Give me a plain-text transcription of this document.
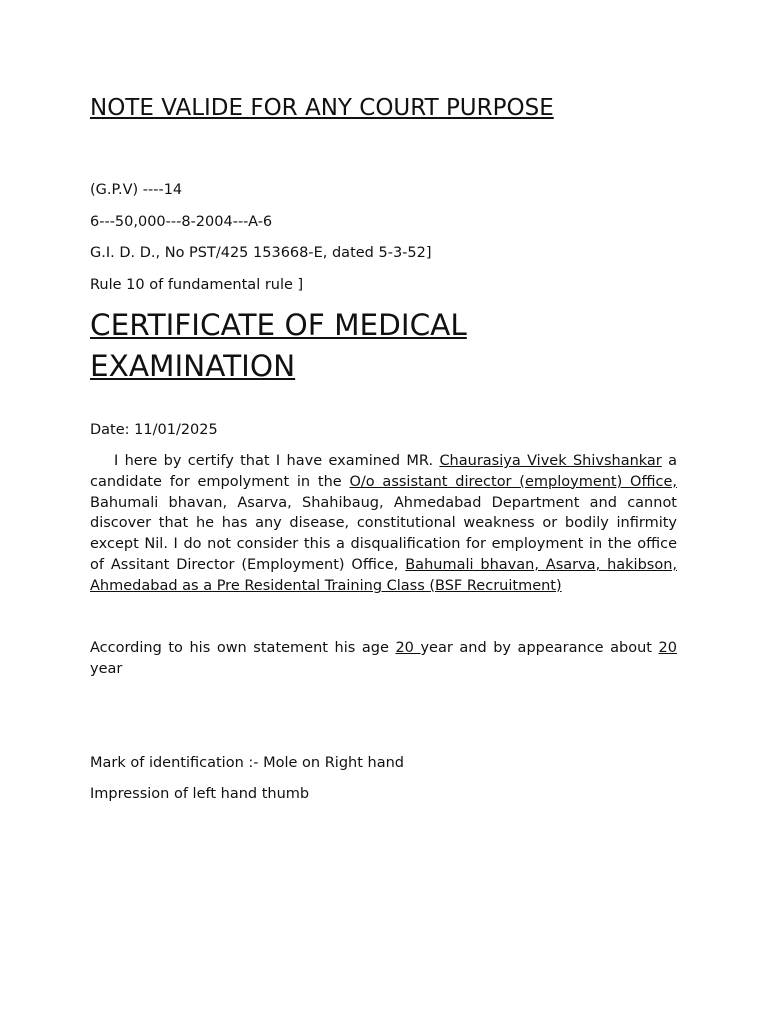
NOTE VALIDE FOR ANY COURT PURPOSE

(G.P.V) ----14

6---50,000---8-2004---A-6

G.I. D. D., No PST/425 153668-E, dated 5-3-52]

Rule 10 of fundamental rule ]

CERTIFICATE OF MEDICAL
EXAMINATION

Date: 11/01/2025

I here by certify that I have examined MR. Chaurasiya Vivek Shivshankar a candidate for empolyment in the O/o assistant director (employment) Office, Bahumali bhavan, Asarva, Shahibaug, Ahmedabad Department and cannot discover that he has any disease, constitutional weakness or bodily infirmity except Nil. I do not consider this a disqualification for employment in the office of Assitant Director (Employment) Office, Bahumali bhavan, Asarva, hakibson, Ahmedabad as a Pre Residental Training Class (BSF Recruitment)

According to his own statement his age 20 year and by appearance about 20 year

Mark of identification :- Mole on Right hand

Impression of left hand thumb
